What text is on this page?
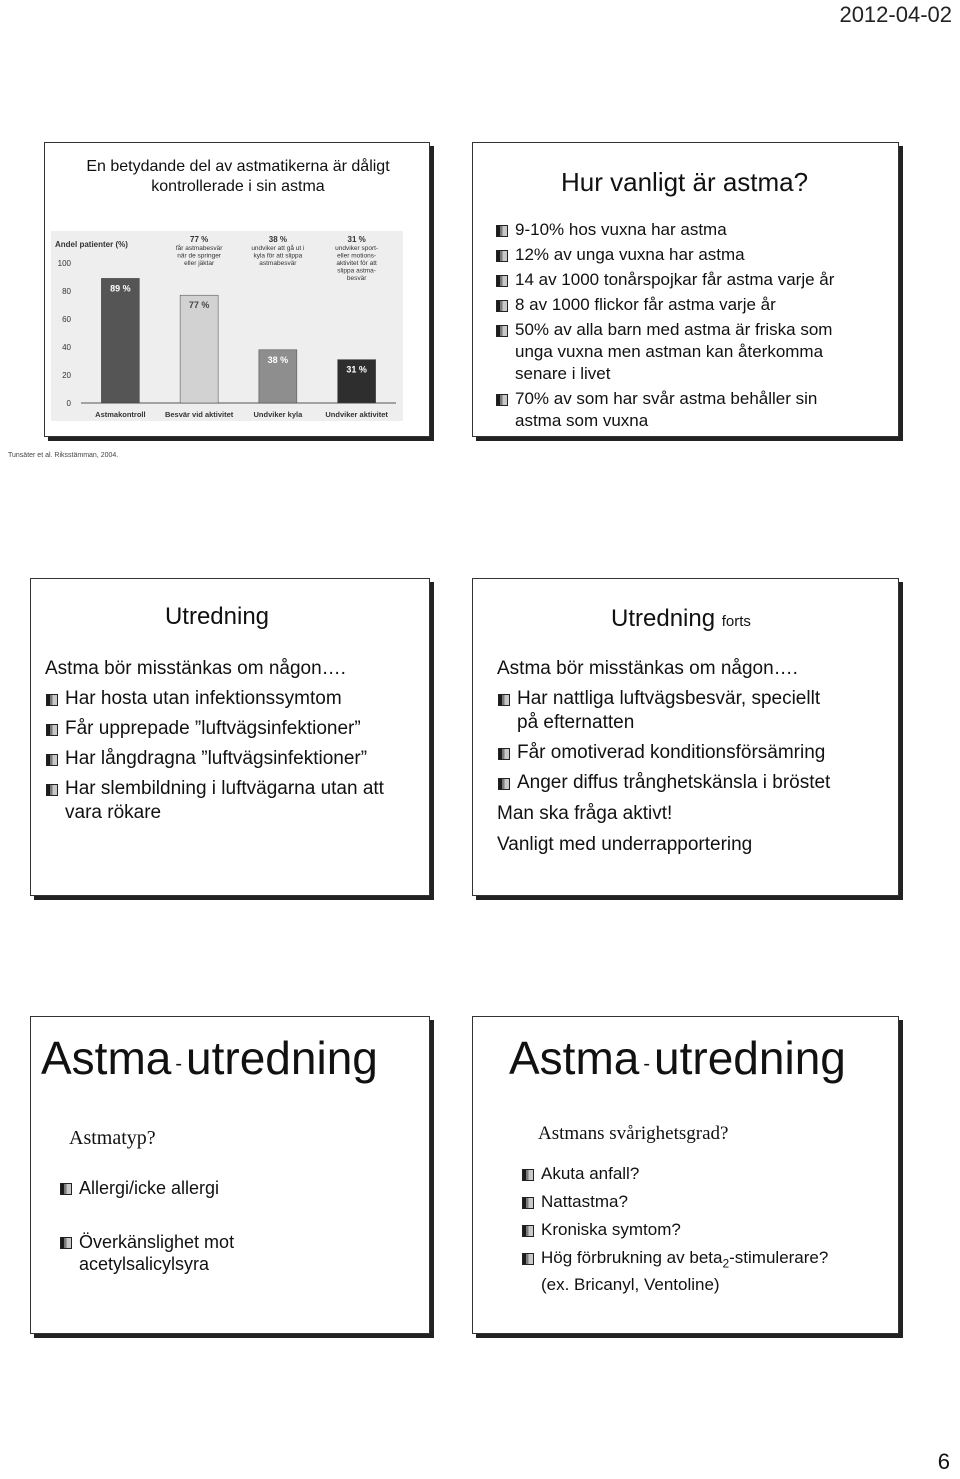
2012-04-02
En betydande del av astmatikerna är dåligt
kontrollerade i sin astma
Andel patienter (%)
0
20
40
60
80
100
89 %
Astmakontroll
77 %
Besvär vid aktivitet
77 %
får astmabesvär
när de springer
eller jäktar
38 %
Undviker kyla
38 %
undviker att gå ut i
kyla för att slippa
astmabesvär
31 %
Undviker aktivitet
31 %
undviker sport-
eller motions-
aktivitet för att
slippa astma-
besvär
Tunsäter et al. Riksstämman, 2004.
Hur vanligt är astma?
9-10% hos vuxna har astma
12% av unga vuxna har astma
14 av 1000 tonårspojkar får astma varje år
8 av 1000 flickor får astma varje år
50% av alla barn med astma är friska som
unga vuxna men astman kan återkomma
senare i livet
70% av som har svår astma behåller sin
astma som vuxna
Utredning
Astma bör misstänkas om någon….
Har hosta utan infektionssymtom
Får upprepade ”luftvägsinfektioner”
Har långdragna ”luftvägsinfektioner”
Har slembildning i luftvägarna utan att
vara rökare
Utredning forts
Astma bör misstänkas om någon….
Har nattliga luftvägsbesvär, speciellt
på efternatten
Får omotiverad konditionsförsämring
Anger diffus trånghetskänsla i bröstet
Man ska fråga aktivt!
Vanligt med underrapportering
Astma -utredning
Astmatyp?
Allergi/icke allergi
Överkänslighet mot
acetylsalicylsyra
Astma -utredning
Astmans svårighetsgrad?
Akuta anfall?
Nattastma?
Kroniska symtom?
Hög förbrukning av beta$_2$-stimulerare?
(ex. Bricanyl, Ventoline)
6
